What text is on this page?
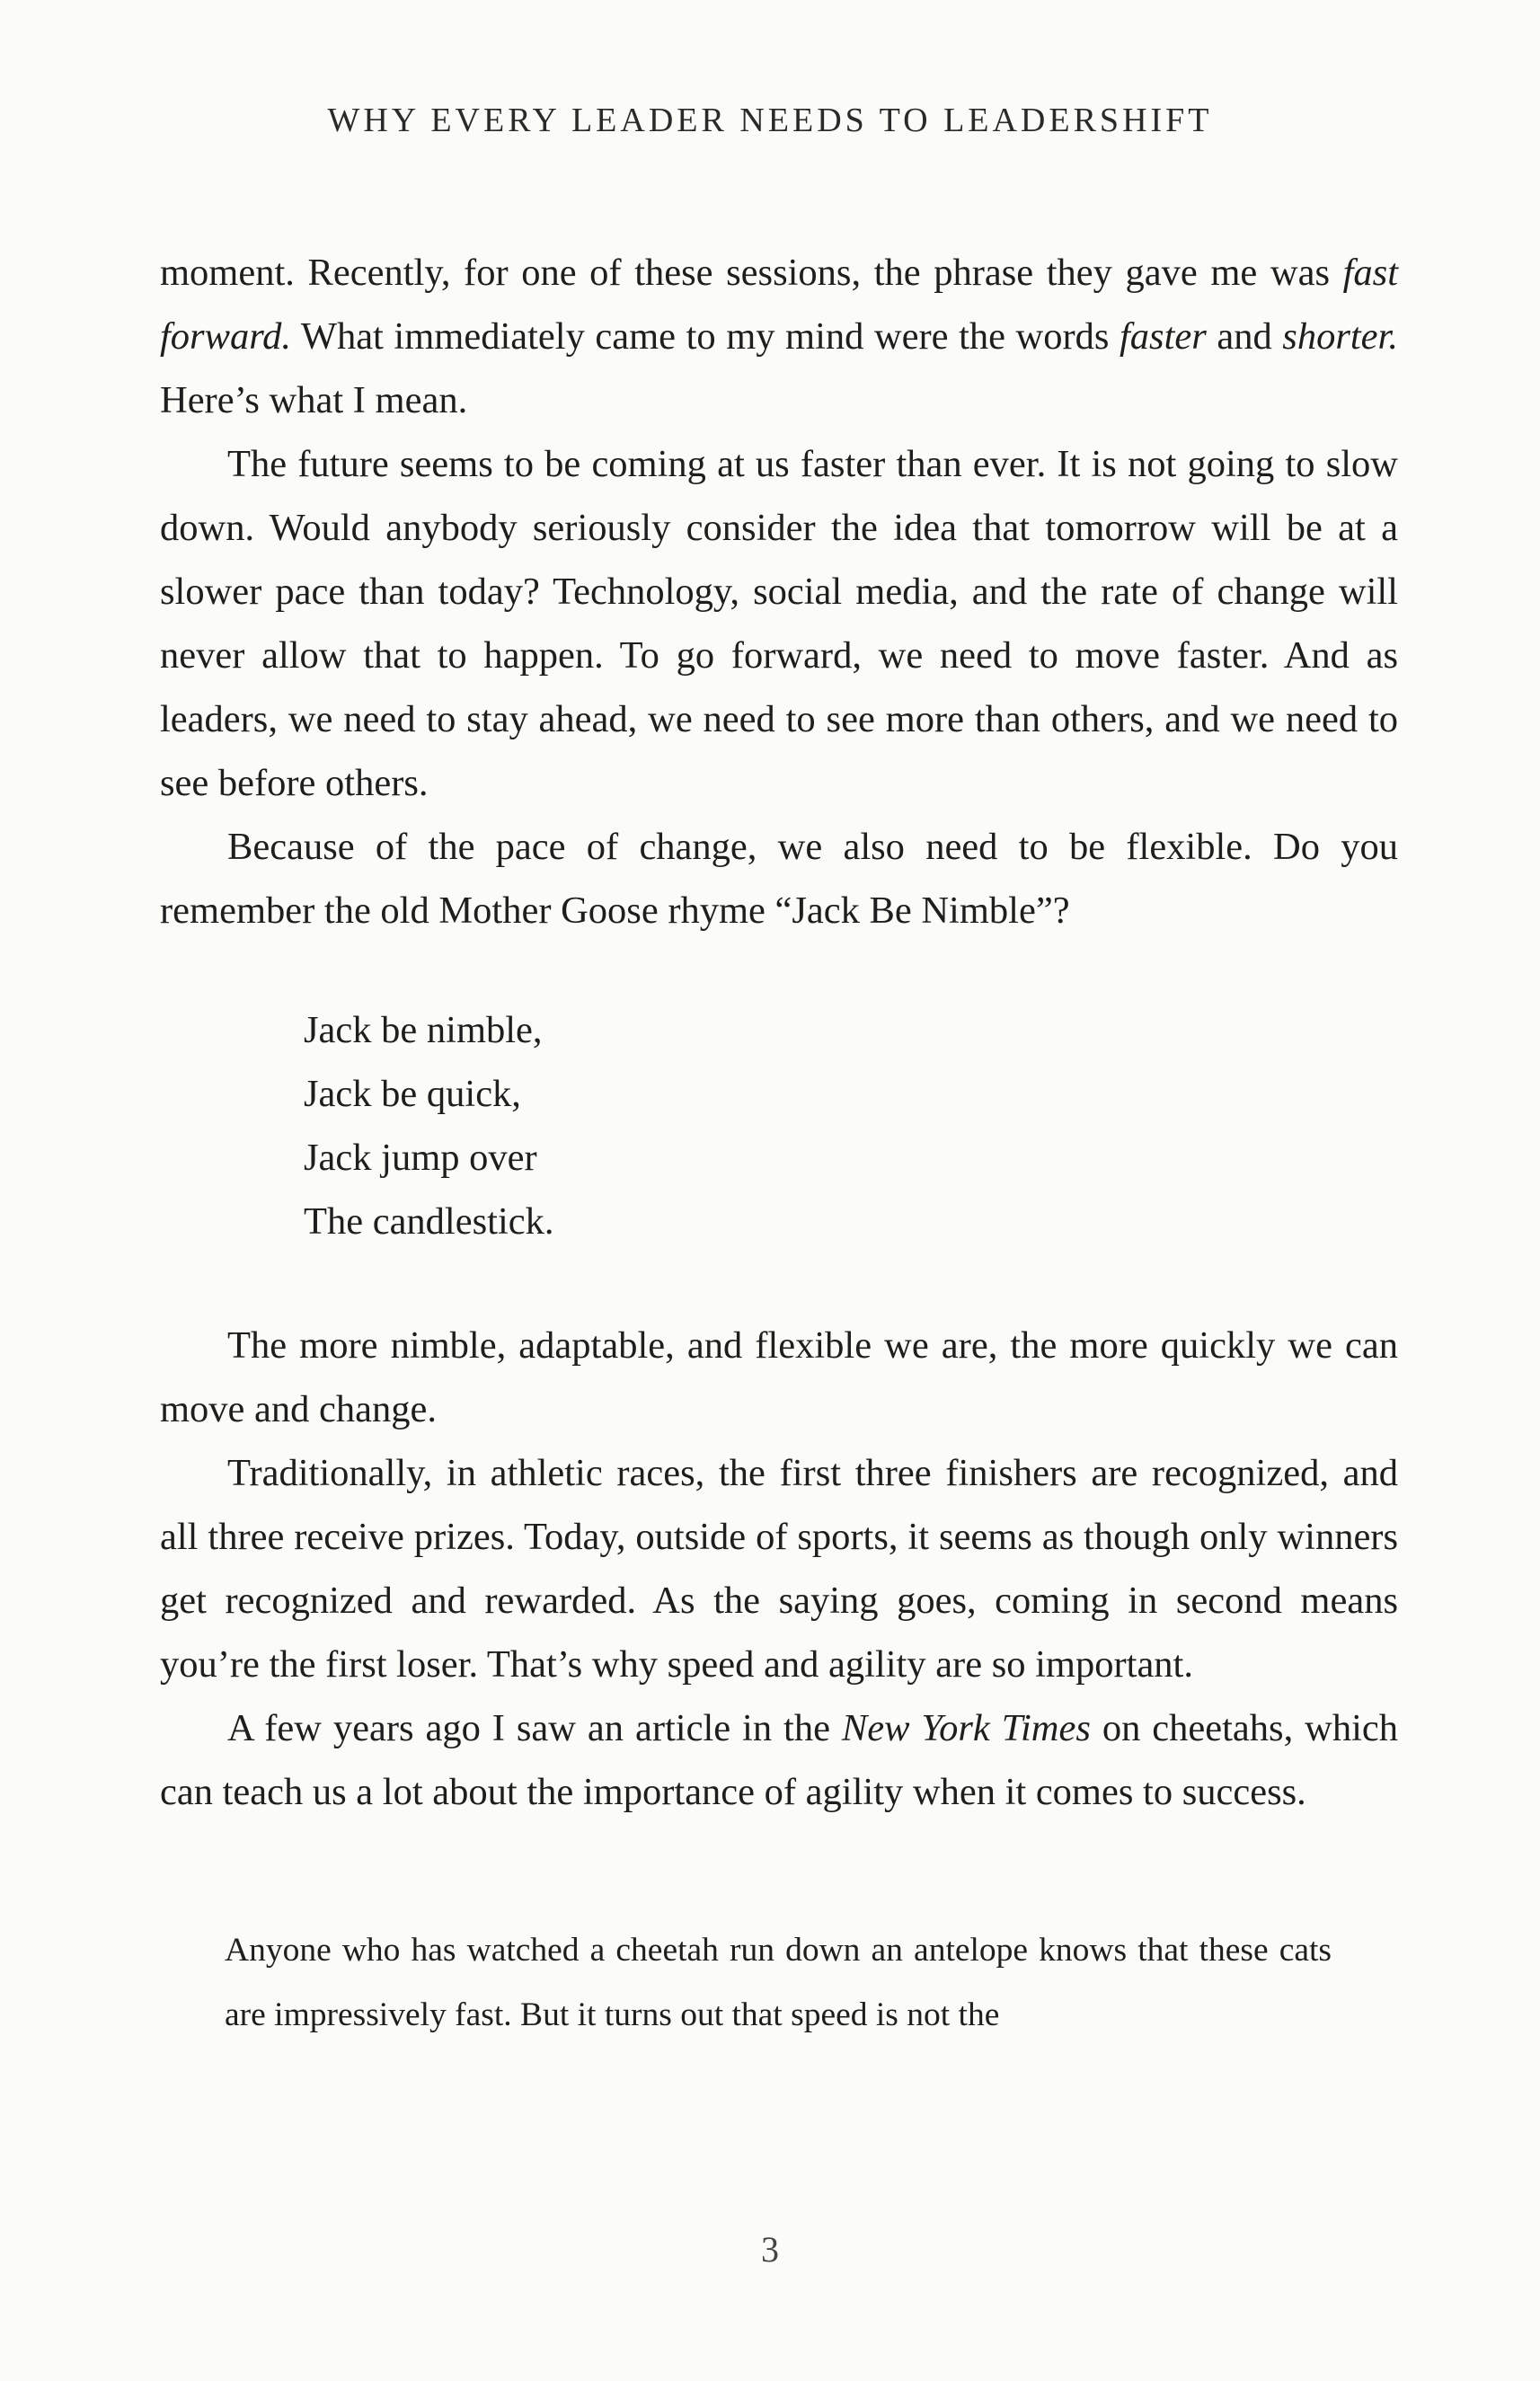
WHY EVERY LEADER NEEDS TO LEADERSHIFT

moment. Recently, for one of these sessions, the phrase they gave me was fast forward. What immediately came to my mind were the words faster and shorter. Here’s what I mean.

The future seems to be coming at us faster than ever. It is not going to slow down. Would anybody seriously consider the idea that tomorrow will be at a slower pace than today? Technology, social media, and the rate of change will never allow that to happen. To go forward, we need to move faster. And as leaders, we need to stay ahead, we need to see more than others, and we need to see before others.

Because of the pace of change, we also need to be flexible. Do you remember the old Mother Goose rhyme “Jack Be Nimble”?

Jack be nimble,
Jack be quick,
Jack jump over
The candlestick.

The more nimble, adaptable, and flexible we are, the more quickly we can move and change.

Traditionally, in athletic races, the first three finishers are recognized, and all three receive prizes. Today, outside of sports, it seems as though only winners get recognized and rewarded. As the saying goes, coming in second means you’re the first loser. That’s why speed and agility are so important.

A few years ago I saw an article in the New York Times on cheetahs, which can teach us a lot about the importance of agility when it comes to success.

Anyone who has watched a cheetah run down an antelope knows that these cats are impressively fast. But it turns out that speed is not the

3
